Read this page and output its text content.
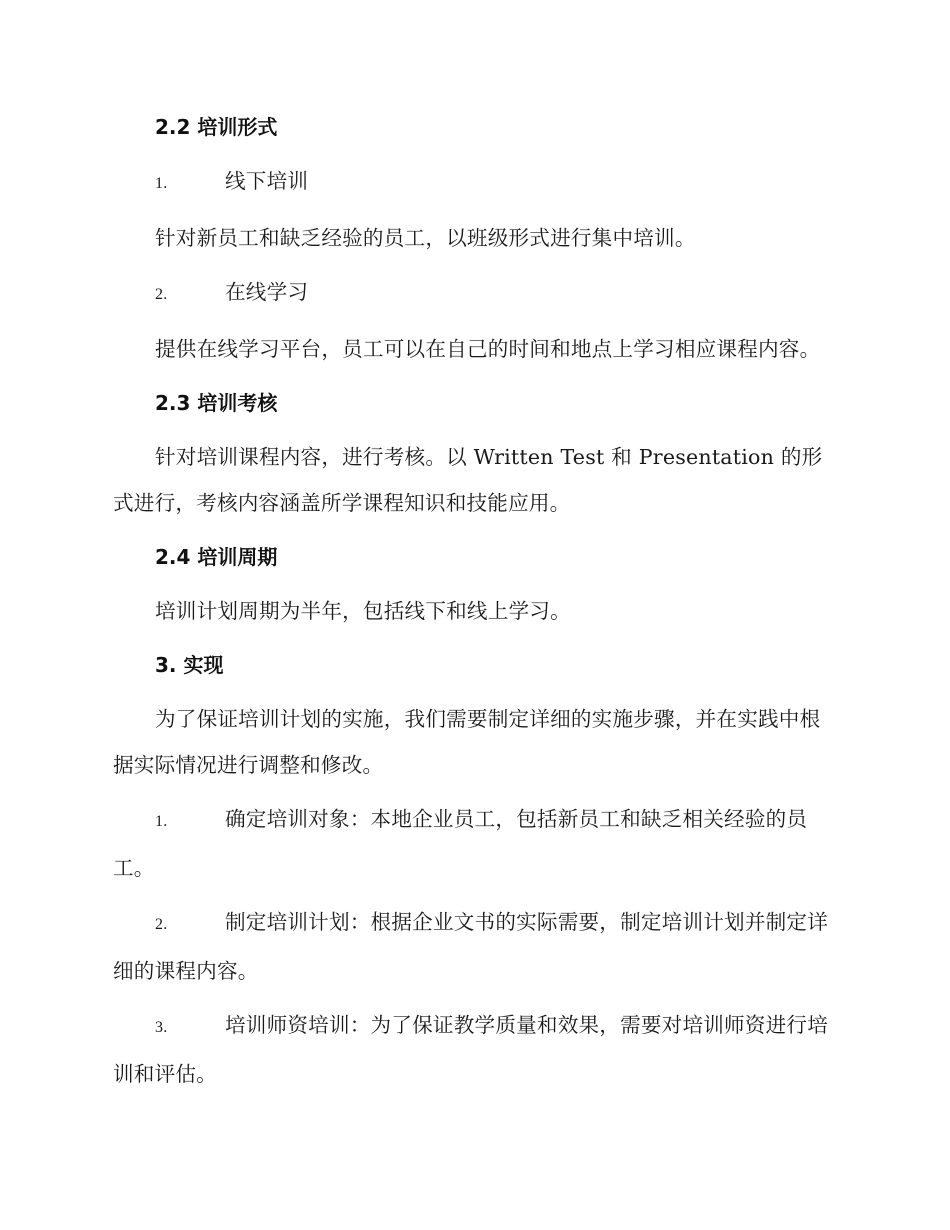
2.2 培训形式
1.	线下培训
针对新员工和缺乏经验的员工，以班级形式进行集中培训。
2.	在线学习
提供在线学习平台，员工可以在自己的时间和地点上学习相应课程内容。
2.3 培训考核
针对培训课程内容，进行考核。以 Written Test 和 Presentation 的形式进行，考核内容涵盖所学课程知识和技能应用。
2.4 培训周期
培训计划周期为半年，包括线下和线上学习。
3. 实现
为了保证培训计划的实施，我们需要制定详细的实施步骤，并在实践中根据实际情况进行调整和修改。
1.	确定培训对象：本地企业员工，包括新员工和缺乏相关经验的员工。
2.	制定培训计划：根据企业文书的实际需要，制定培训计划并制定详细的课程内容。
3.	培训师资培训：为了保证教学质量和效果，需要对培训师资进行培训和评估。
